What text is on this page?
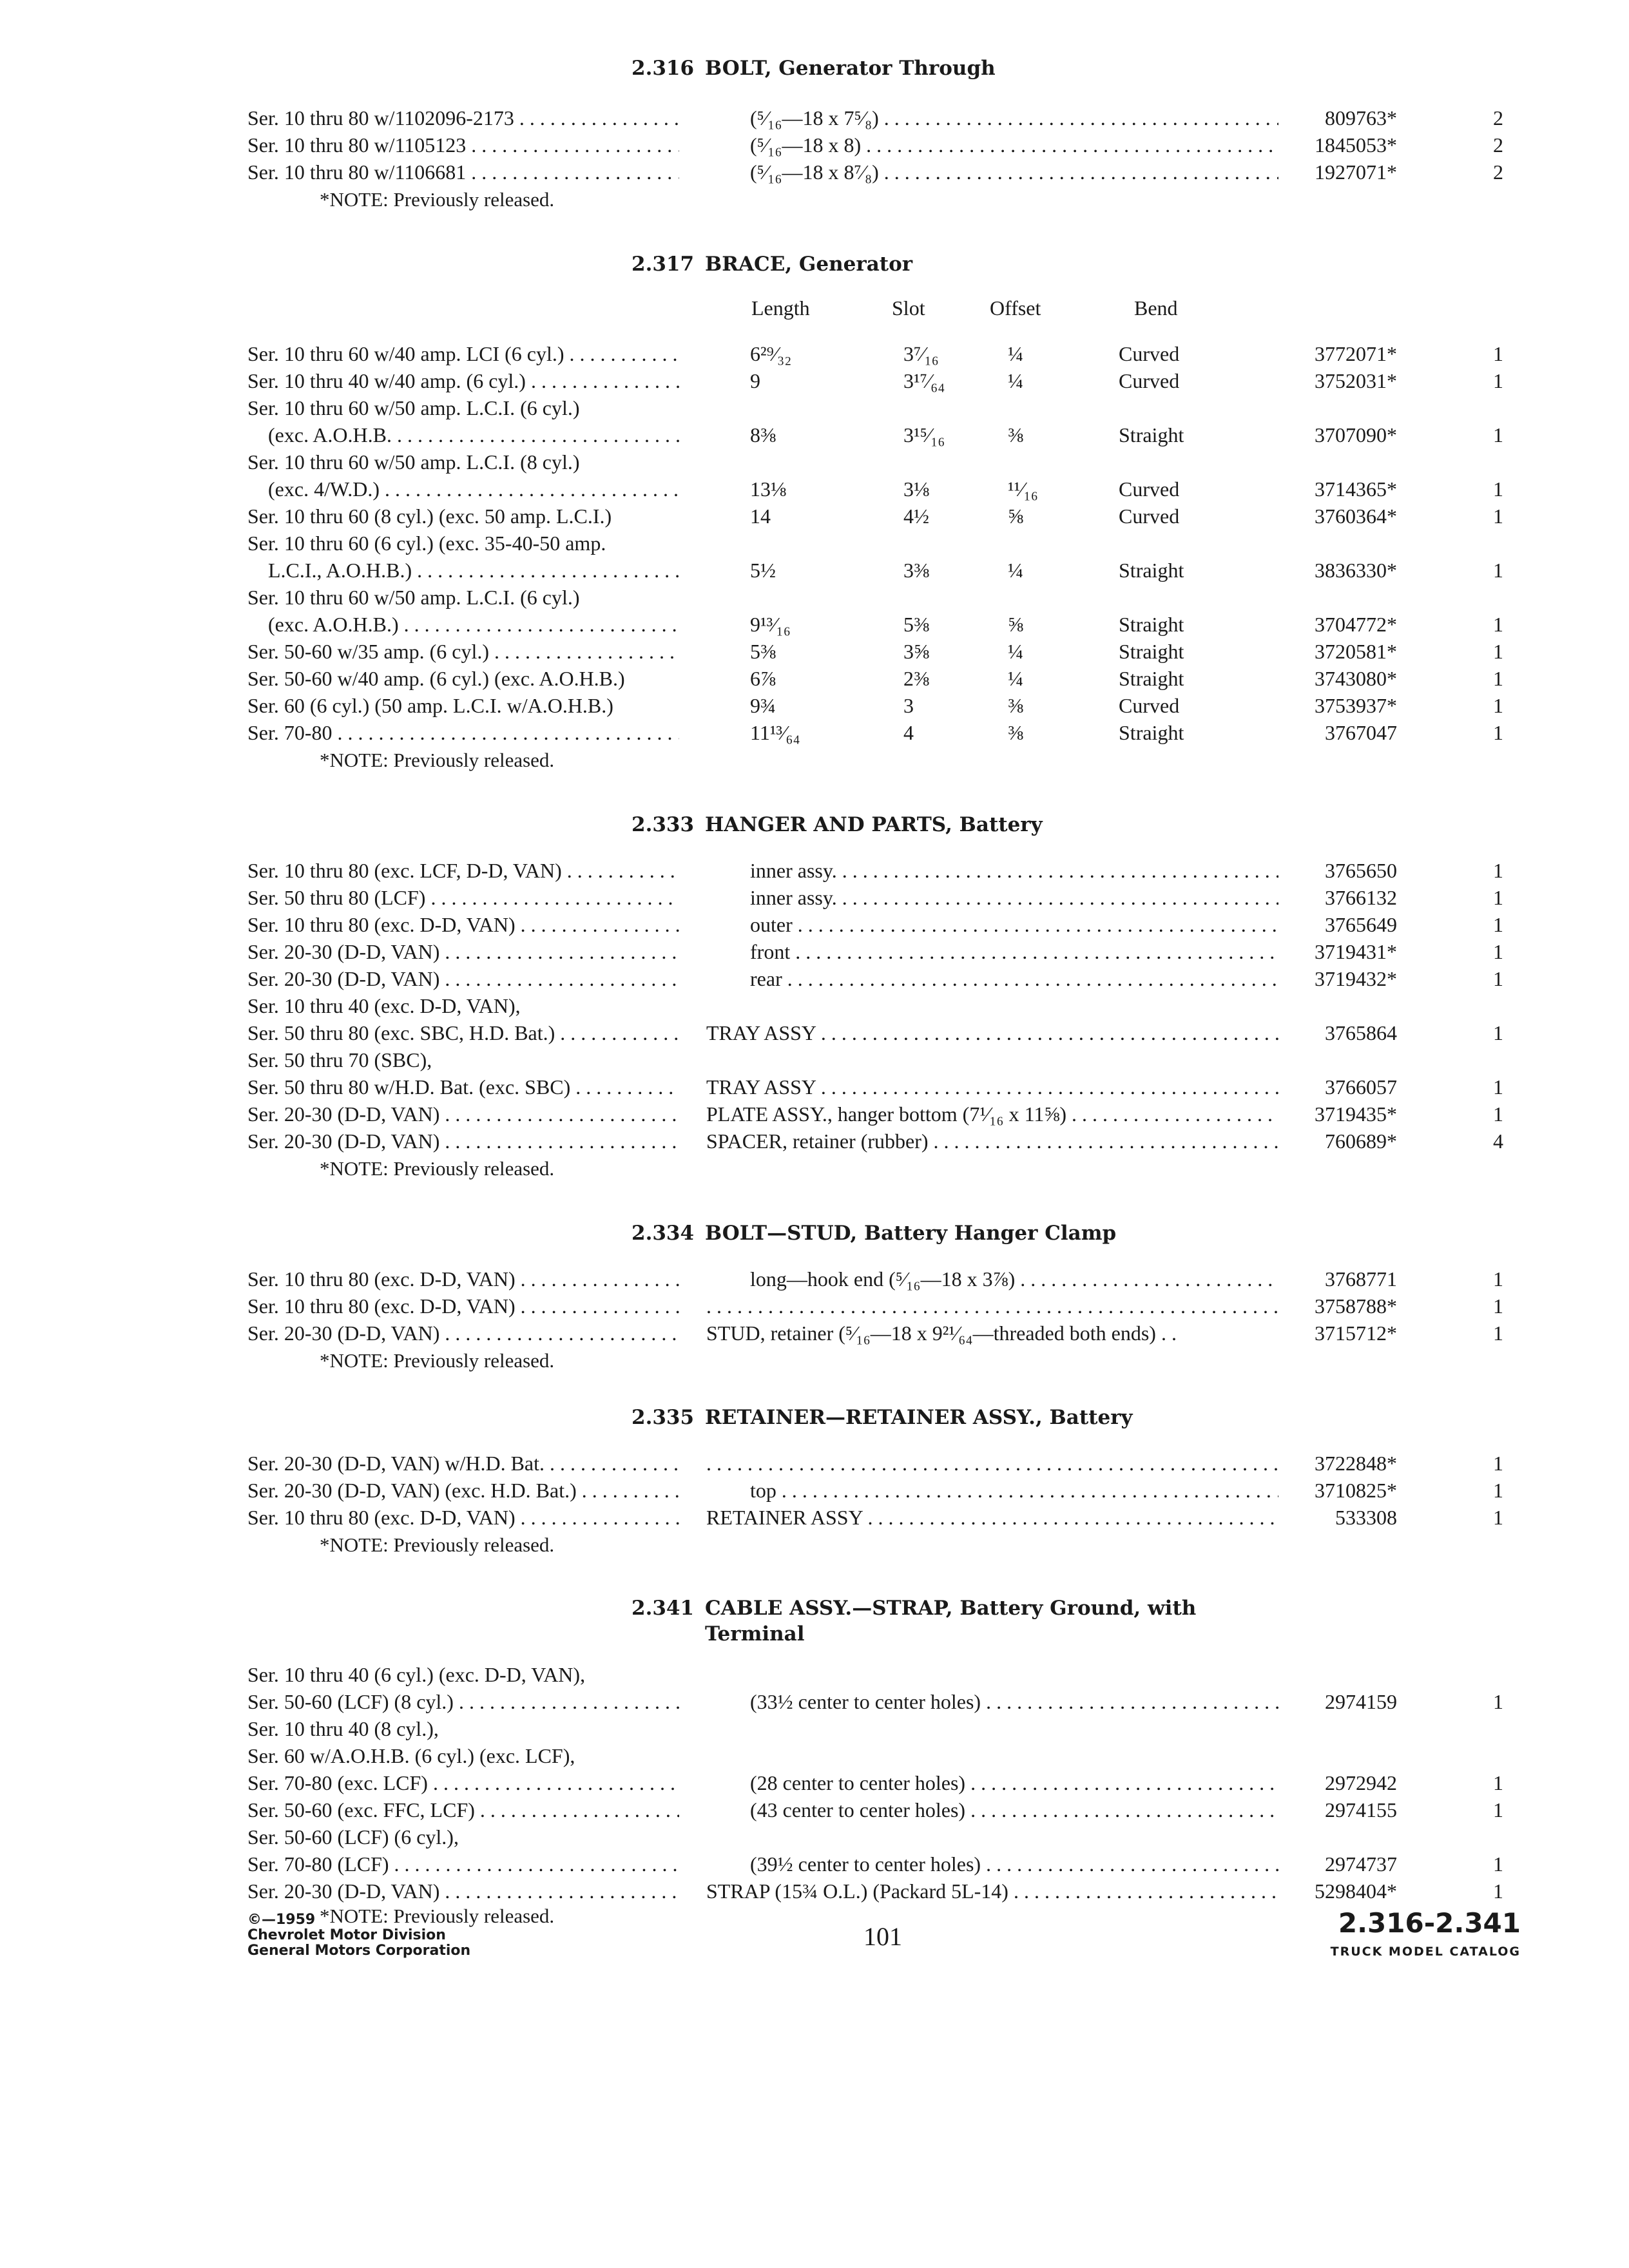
2.316 BOLT, Generator Through
Ser. 10 thru 80 w/1102096-2173 . . .	(⁵⁄₁₆—18 x 7⁵⁄₈) . . .	809763*	2
Ser. 10 thru 80 w/1105123 . . .	(⁵⁄₁₆—18 x 8) . . .	1845053*	2
Ser. 10 thru 80 w/1106681 . . .	(⁵⁄₁₆—18 x 8⁷⁄₈) . . .	1927071*	2
*NOTE: Previously released.
2.317 BRACE, Generator
Length	Slot	Offset	Bend
Ser. 10 thru 60 w/40 amp. LCI (6 cyl.) . . .	6²⁹⁄₃₂	3⁷⁄₁₆	¼	Curved	3772071*	1
Ser. 10 thru 40 w/40 amp. (6 cyl.) . . .	9	3¹⁷⁄₆₄	¼	Curved	3752031*	1
Ser. 10 thru 60 w/50 amp. L.C.I. (6 cyl.)
(exc. A.O.H.B. . . .	8⅜	3¹⁵⁄₁₆	⅜	Straight	3707090*	1
Ser. 10 thru 60 w/50 amp. L.C.I. (8 cyl.)
(exc. 4/W.D.) . . .	13⅛	3⅛	¹¹⁄₁₆	Curved	3714365*	1
Ser. 10 thru 60 (8 cyl.) (exc. 50 amp. L.C.I.)	14	4½	⅝	Curved	3760364*	1
Ser. 10 thru 60 (6 cyl.) (exc. 35-40-50 amp.
L.C.I., A.O.H.B.) . . .	5½	3⅜	¼	Straight	3836330*	1
Ser. 10 thru 60 w/50 amp. L.C.I. (6 cyl.)
(exc. A.O.H.B.) . . .	9¹³⁄₁₆	5⅜	⅝	Straight	3704772*	1
Ser. 50-60 w/35 amp. (6 cyl.) . . .	5⅜	3⅝	¼	Straight	3720581*	1
Ser. 50-60 w/40 amp. (6 cyl.) (exc. A.O.H.B.)	6⅞	2⅜	¼	Straight	3743080*	1
Ser. 60 (6 cyl.) (50 amp. L.C.I. w/A.O.H.B.)	9¾	3	⅜	Curved	3753937*	1
Ser. 70-80 . . .	11¹³⁄₆₄	4	⅜	Straight	3767047	1
*NOTE: Previously released.
2.333 HANGER AND PARTS, Battery
Ser. 10 thru 80 (exc. LCF, D-D, VAN) . . .	inner assy. . . .	3765650	1
Ser. 50 thru 80 (LCF) . . .	inner assy. . . .	3766132	1
Ser. 10 thru 80 (exc. D-D, VAN) . . .	outer . . .	3765649	1
Ser. 20-30 (D-D, VAN) . . .	front . . .	3719431*	1
Ser. 20-30 (D-D, VAN) . . .	rear . . .	3719432*	1
Ser. 10 thru 40 (exc. D-D, VAN),
Ser. 50 thru 80 (exc. SBC, H.D. Bat.) . . .	TRAY ASSY . . .	3765864	1
Ser. 50 thru 70 (SBC),
Ser. 50 thru 80 w/H.D. Bat. (exc. SBC) . . .	TRAY ASSY . . .	3766057	1
Ser. 20-30 (D-D, VAN) . . .	PLATE ASSY., hanger bottom (7¹⁄₁₆ x 11⅝) . . .	3719435*	1
Ser. 20-30 (D-D, VAN) . . .	SPACER, retainer (rubber) . . .	760689*	4
*NOTE: Previously released.
2.334 BOLT—STUD, Battery Hanger Clamp
Ser. 10 thru 80 (exc. D-D, VAN) . . .	long—hook end (⁵⁄₁₆—18 x 3⅞) . . .	3768771	1
Ser. 10 thru 80 (exc. D-D, VAN) . . . . . .	3758788*	1
Ser. 20-30 (D-D, VAN) . . .	STUD, retainer (⁵⁄₁₆—18 x 9²¹⁄₆₄—threaded both ends) . .	3715712*	1
*NOTE: Previously released.
2.335 RETAINER—RETAINER ASSY., Battery
Ser. 20-30 (D-D, VAN) w/H.D. Bat. . . . . . .	3722848*	1
Ser. 20-30 (D-D, VAN) (exc. H.D. Bat.) . . .	top . . .	3710825*	1
Ser. 10 thru 80 (exc. D-D, VAN) . . .	RETAINER ASSY . . .	533308	1
*NOTE: Previously released.
2.341 CABLE ASSY.—STRAP, Battery Ground, with
Terminal
Ser. 10 thru 40 (6 cyl.) (exc. D-D, VAN),
Ser. 50-60 (LCF) (8 cyl.) . . .	(33½ center to center holes) . . .	2974159	1
Ser. 10 thru 40 (8 cyl.),
Ser. 60 w/A.O.H.B. (6 cyl.) (exc. LCF),
Ser. 70-80 (exc. LCF) . . .	(28 center to center holes) . . .	2972942	1
Ser. 50-60 (exc. FFC, LCF) . . .	(43 center to center holes) . . .	2974155	1
Ser. 50-60 (LCF) (6 cyl.),
Ser. 70-80 (LCF) . . .	(39½ center to center holes) . . .	2974737	1
Ser. 20-30 (D-D, VAN) . . .	STRAP (15¾ O.L.) (Packard 5L-14) . . .	5298404*	1
*NOTE: Previously released.
©—1959
Chevrolet Motor Division
General Motors Corporation	101	2.316-2.341
TRUCK MODEL CATALOG
